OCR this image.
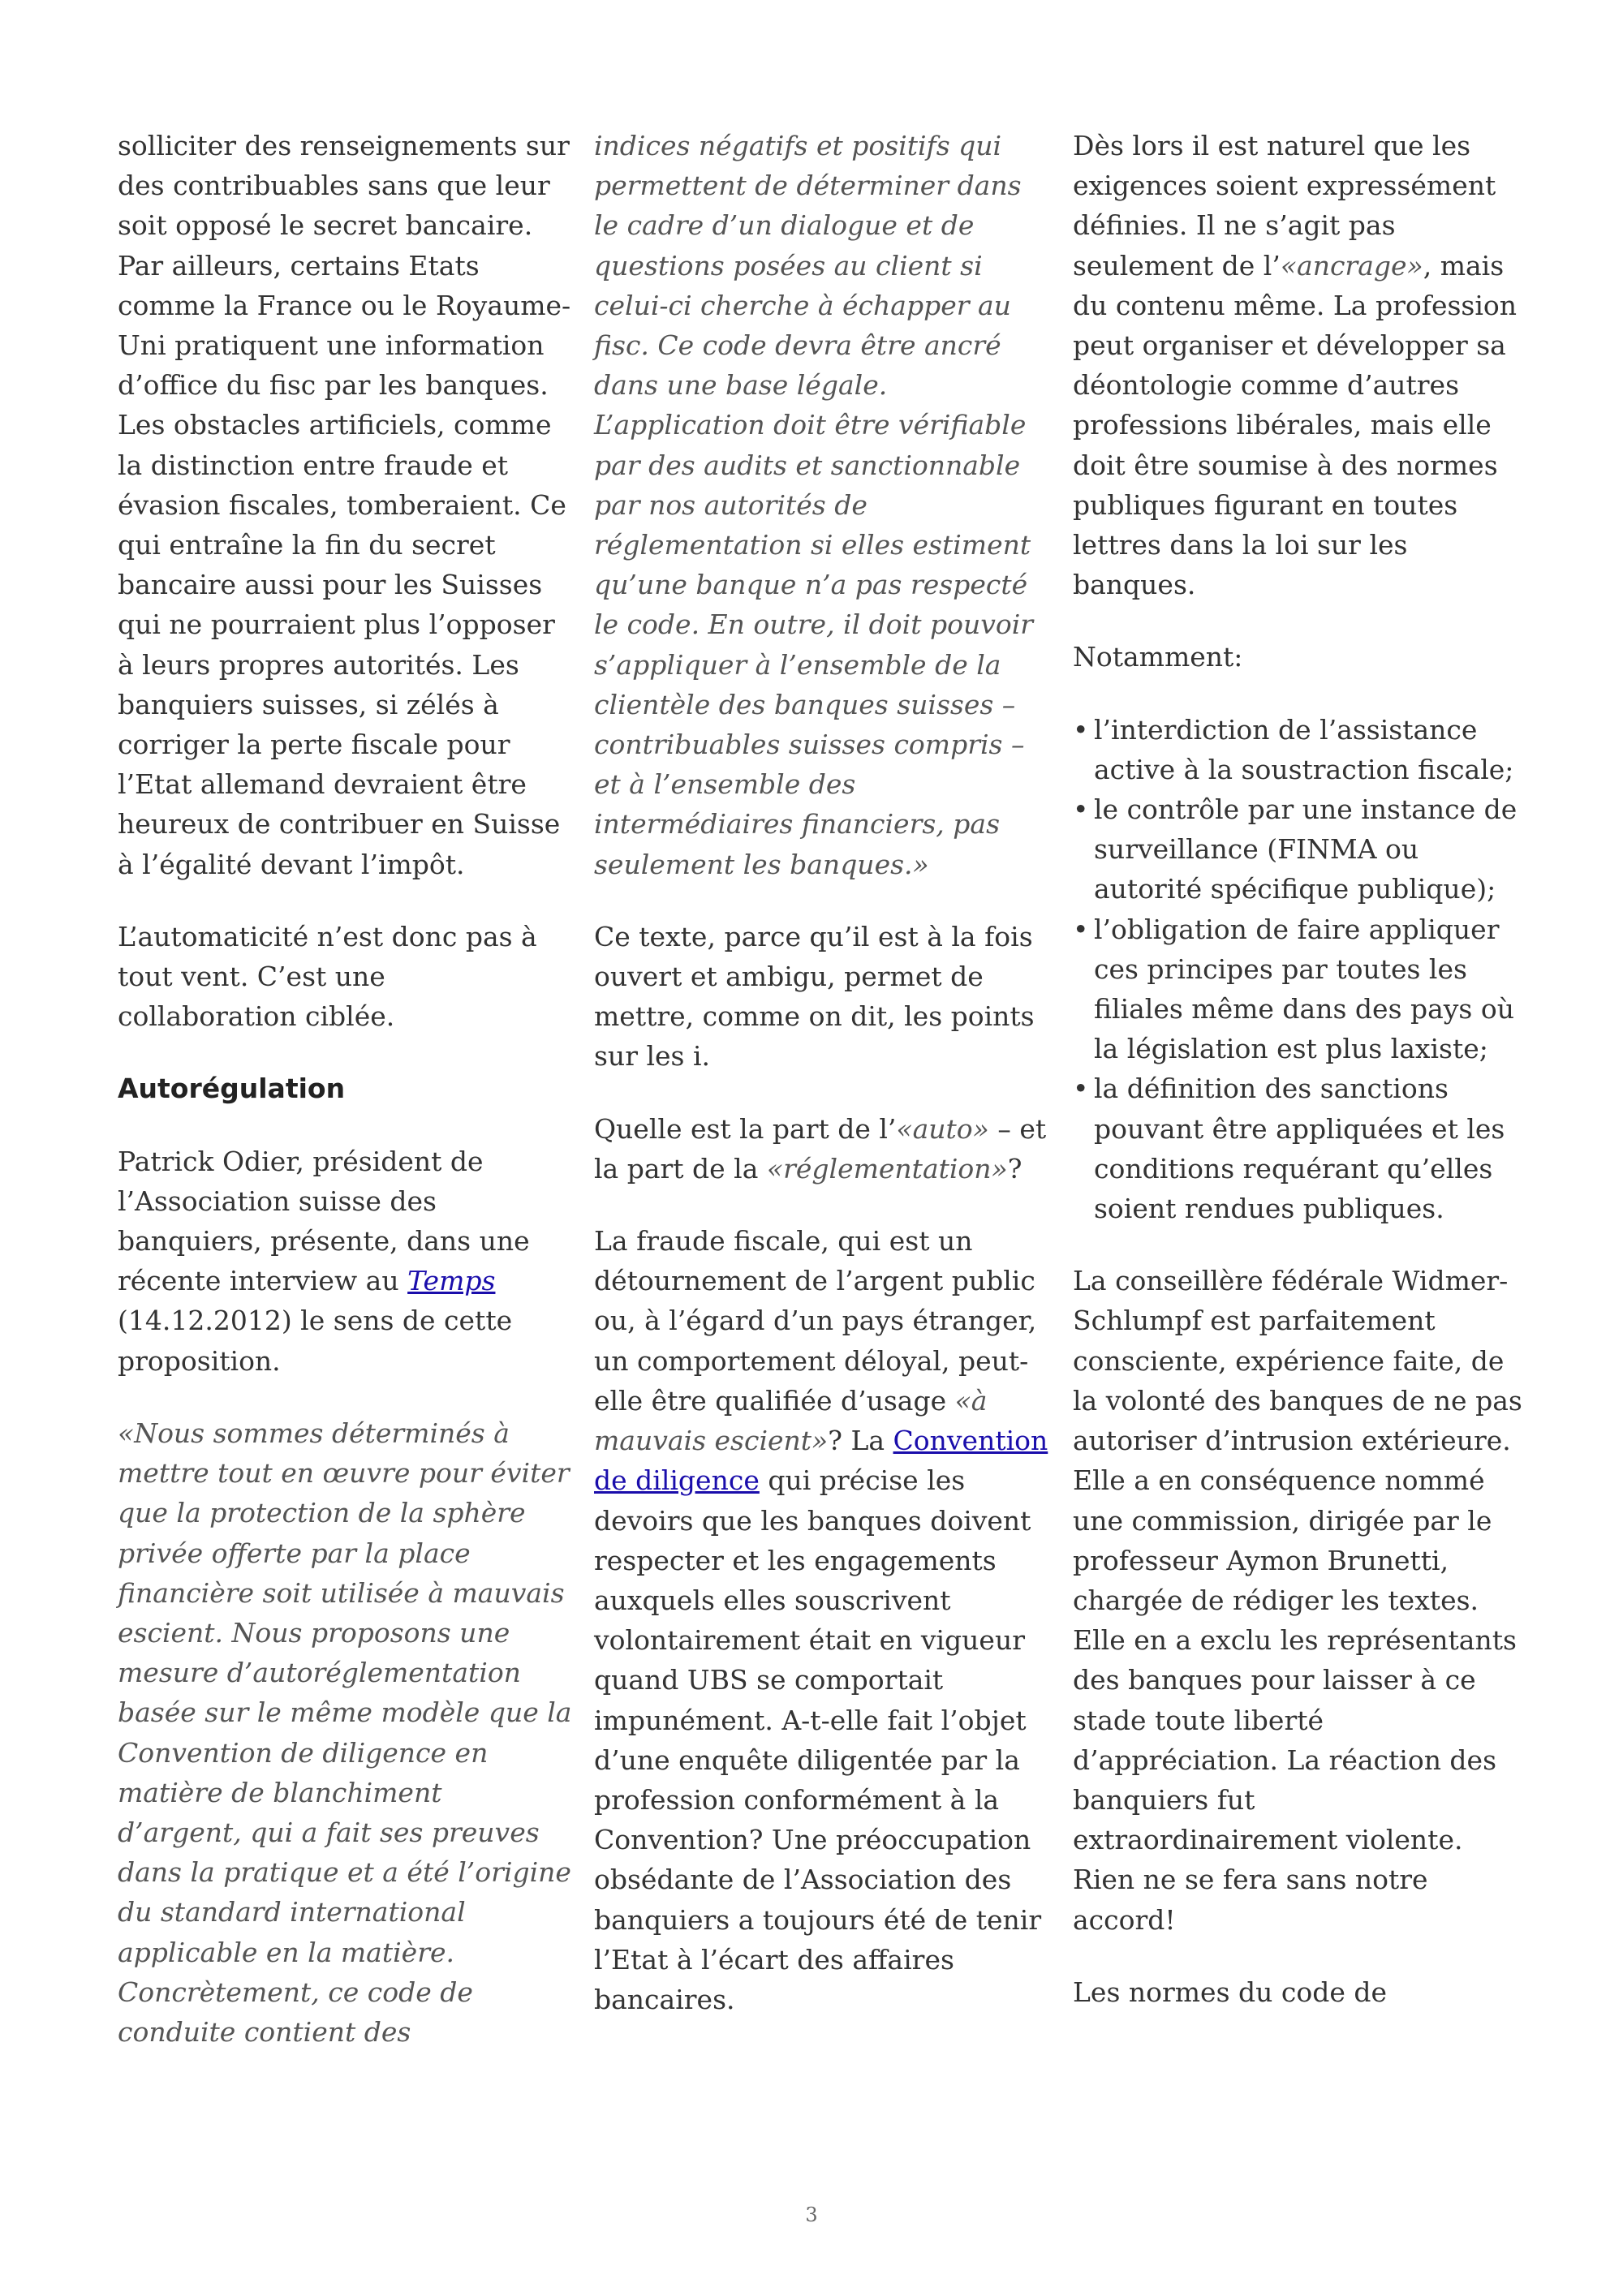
solliciter des renseignements sur des contribuables sans que leur soit opposé le secret bancaire. Par ailleurs, certains Etats comme la France ou le Royaume-Uni pratiquent une information d’office du fisc par les banques. Les obstacles artificiels, comme la distinction entre fraude et évasion fiscales, tomberaient. Ce qui entraîne la fin du secret bancaire aussi pour les Suisses qui ne pourraient plus l’opposer à leurs propres autorités. Les banquiers suisses, si zélés à corriger la perte fiscale pour l’Etat allemand devraient être heureux de contribuer en Suisse à l’égalité devant l’impôt.

L’automaticité n’est donc pas à tout vent. C’est une collaboration ciblée.

Autorégulation

Patrick Odier, président de l’Association suisse des banquiers, présente, dans une récente interview au Temps (14.12.2012) le sens de cette proposition.

«Nous sommes déterminés à mettre tout en œuvre pour éviter que la protection de la sphère privée offerte par la place financière soit utilisée à mauvais escient. Nous proposons une mesure d’autoréglementation basée sur le même modèle que la Convention de diligence en matière de blanchiment d’argent, qui a fait ses preuves dans la pratique et a été l’origine du standard international applicable en la matière. Concrètement, ce code de conduite contient des

indices négatifs et positifs qui permettent de déterminer dans le cadre d’un dialogue et de questions posées au client si celui-ci cherche à échapper au fisc. Ce code devra être ancré dans une base légale. L’application doit être vérifiable par des audits et sanctionnable par nos autorités de réglementation si elles estiment qu’une banque n’a pas respecté le code. En outre, il doit pouvoir s’appliquer à l’ensemble de la clientèle des banques suisses – contribuables suisses compris – et à l’ensemble des intermédiaires financiers, pas seulement les banques.»

Ce texte, parce qu’il est à la fois ouvert et ambigu, permet de mettre, comme on dit, les points sur les i.

Quelle est la part de l’«auto» – et la part de la «réglementation»?

La fraude fiscale, qui est un détournement de l’argent public ou, à l’égard d’un pays étranger, un comportement déloyal, peut-elle être qualifiée d’usage «à mauvais escient»? La Convention de diligence qui précise les devoirs que les banques doivent respecter et les engagements auxquels elles souscrivent volontairement était en vigueur quand UBS se comportait impunément. A-t-elle fait l’objet d’une enquête diligentée par la profession conformément à la Convention? Une préoccupation obsédante de l’Association des banquiers a toujours été de tenir l’Etat à l’écart des affaires bancaires.

Dès lors il est naturel que les exigences soient expressément définies. Il ne s’agit pas seulement de l’«ancrage», mais du contenu même. La profession peut organiser et développer sa déontologie comme d’autres professions libérales, mais elle doit être soumise à des normes publiques figurant en toutes lettres dans la loi sur les banques.

Notamment:

• l’interdiction de l’assistance active à la soustraction fiscale;
• le contrôle par une instance de surveillance (FINMA ou autorité spécifique publique);
• l’obligation de faire appliquer ces principes par toutes les filiales même dans des pays où la législation est plus laxiste;
• la définition des sanctions pouvant être appliquées et les conditions requérant qu’elles soient rendues publiques.

La conseillère fédérale Widmer-Schlumpf est parfaitement consciente, expérience faite, de la volonté des banques de ne pas autoriser d’intrusion extérieure. Elle a en conséquence nommé une commission, dirigée par le professeur Aymon Brunetti, chargée de rédiger les textes. Elle en a exclu les représentants des banques pour laisser à ce stade toute liberté d’appréciation. La réaction des banquiers fut extraordinairement violente. Rien ne se fera sans notre accord!

Les normes du code de

3
